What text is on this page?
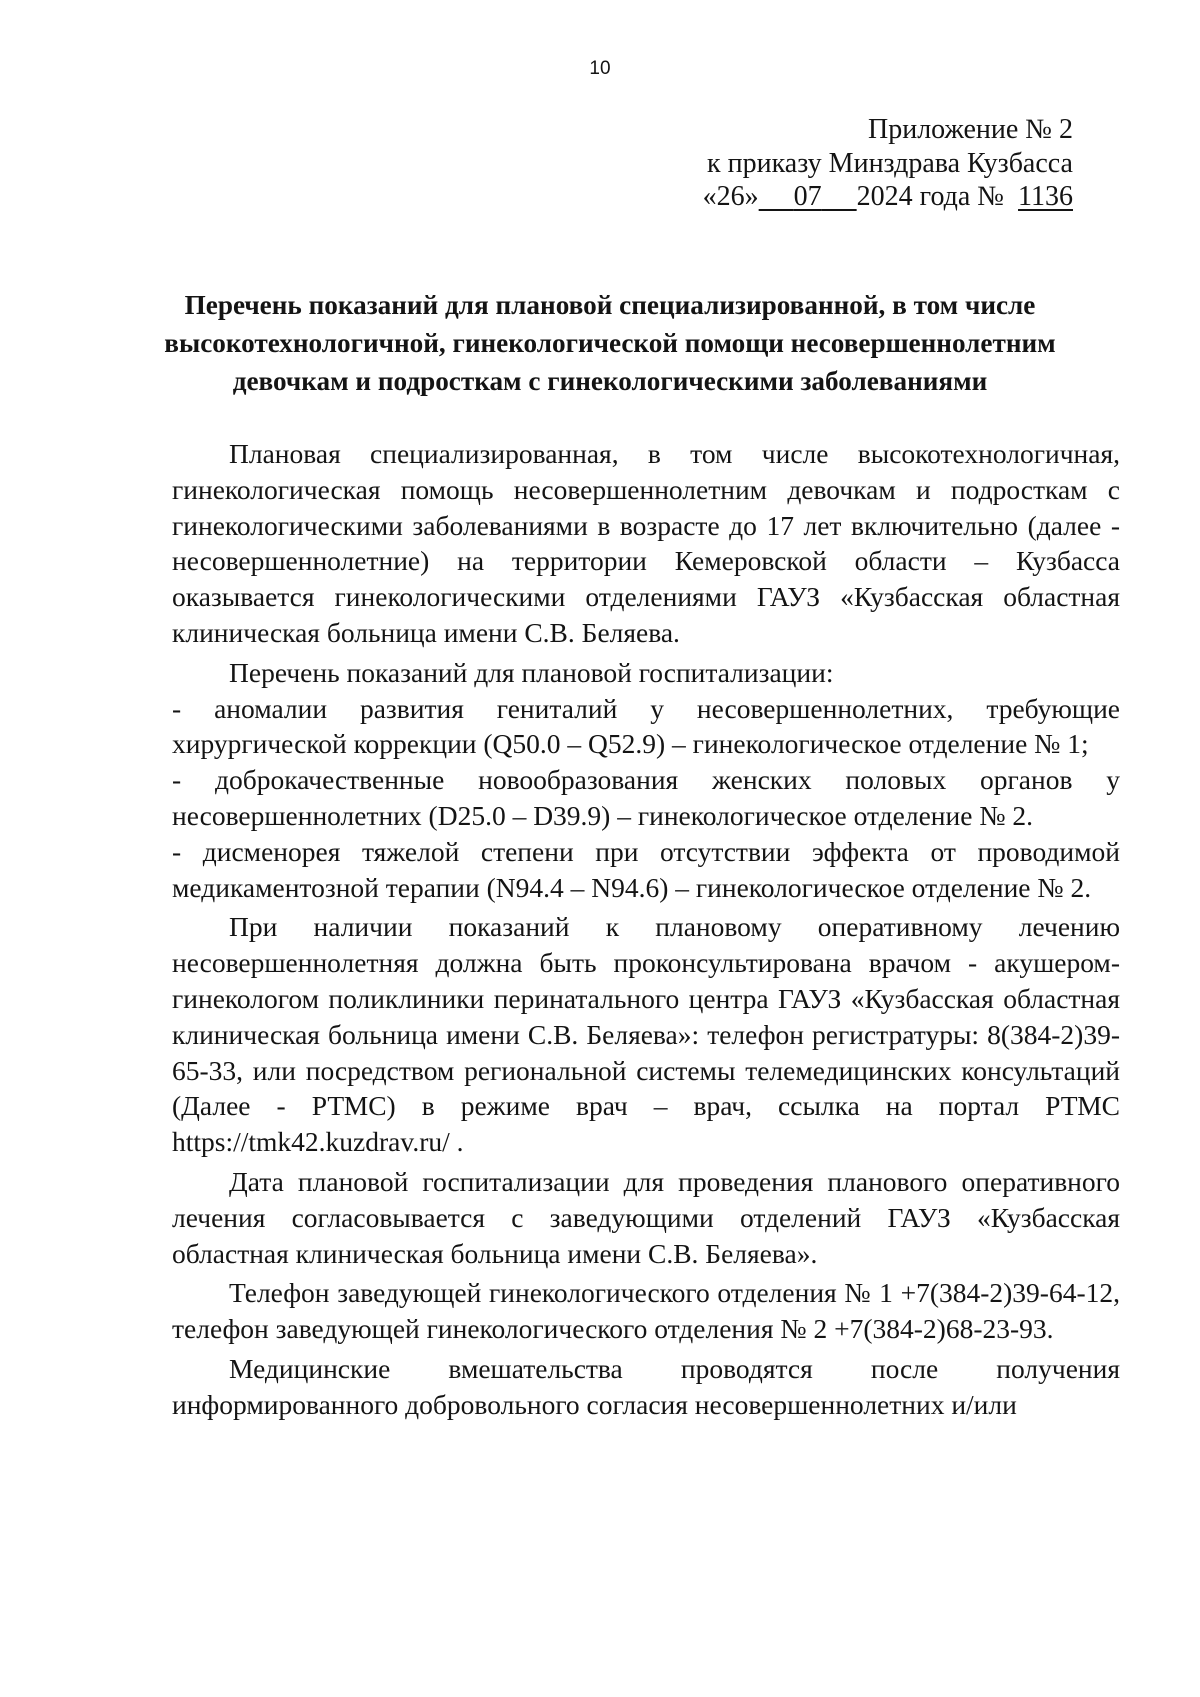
10
Приложение № 2
к приказу Минздрава Кузбасса
«26» 07 2024 года № 1136
Перечень показаний для плановой специализированной, в том числе высокотехнологичной, гинекологической помощи несовершеннолетним девочкам и подросткам с гинекологическими заболеваниями

Плановая специализированная, в том числе высокотехнологичная, гинекологическая помощь несовершеннолетним девочкам и подросткам с гинекологическими заболеваниями в возрасте до 17 лет включительно (далее - несовершеннолетние) на территории Кемеровской области – Кузбасса оказывается гинекологическими отделениями ГАУЗ «Кузбасская областная клиническая больница имени С.В. Беляева.

Перечень показаний для плановой госпитализации:

- аномалии развития гениталий у несовершеннолетних, требующие хирургической коррекции (Q50.0 – Q52.9) – гинекологическое отделение № 1;

- доброкачественные новообразования женских половых органов у несовершеннолетних (D25.0 – D39.9) – гинекологическое отделение № 2.

- дисменорея тяжелой степени при отсутствии эффекта от проводимой медикаментозной терапии (N94.4 – N94.6) – гинекологическое отделение № 2.

При наличии показаний к плановому оперативному лечению несовершеннолетняя должна быть проконсультирована врачом - акушером-гинекологом поликлиники перинатального центра ГАУЗ «Кузбасская областная клиническая больница имени С.В. Беляева»: телефон регистратуры: 8(384-2)39-65-33, или посредством региональной системы телемедицинских консультаций (Далее - РТМС) в режиме врач – врач, ссылка на портал РТМС https://tmk42.kuzdrav.ru/ .

Дата плановой госпитализации для проведения планового оперативного лечения согласовывается с заведующими отделений ГАУЗ «Кузбасская областная клиническая больница имени С.В. Беляева».

Телефон заведующей гинекологического отделения № 1 +7(384-2)39-64-12, телефон заведующей гинекологического отделения № 2 +7(384-2)68-23-93.

Медицинские вмешательства проводятся после получения информированного добровольного согласия несовершеннолетних и/или
